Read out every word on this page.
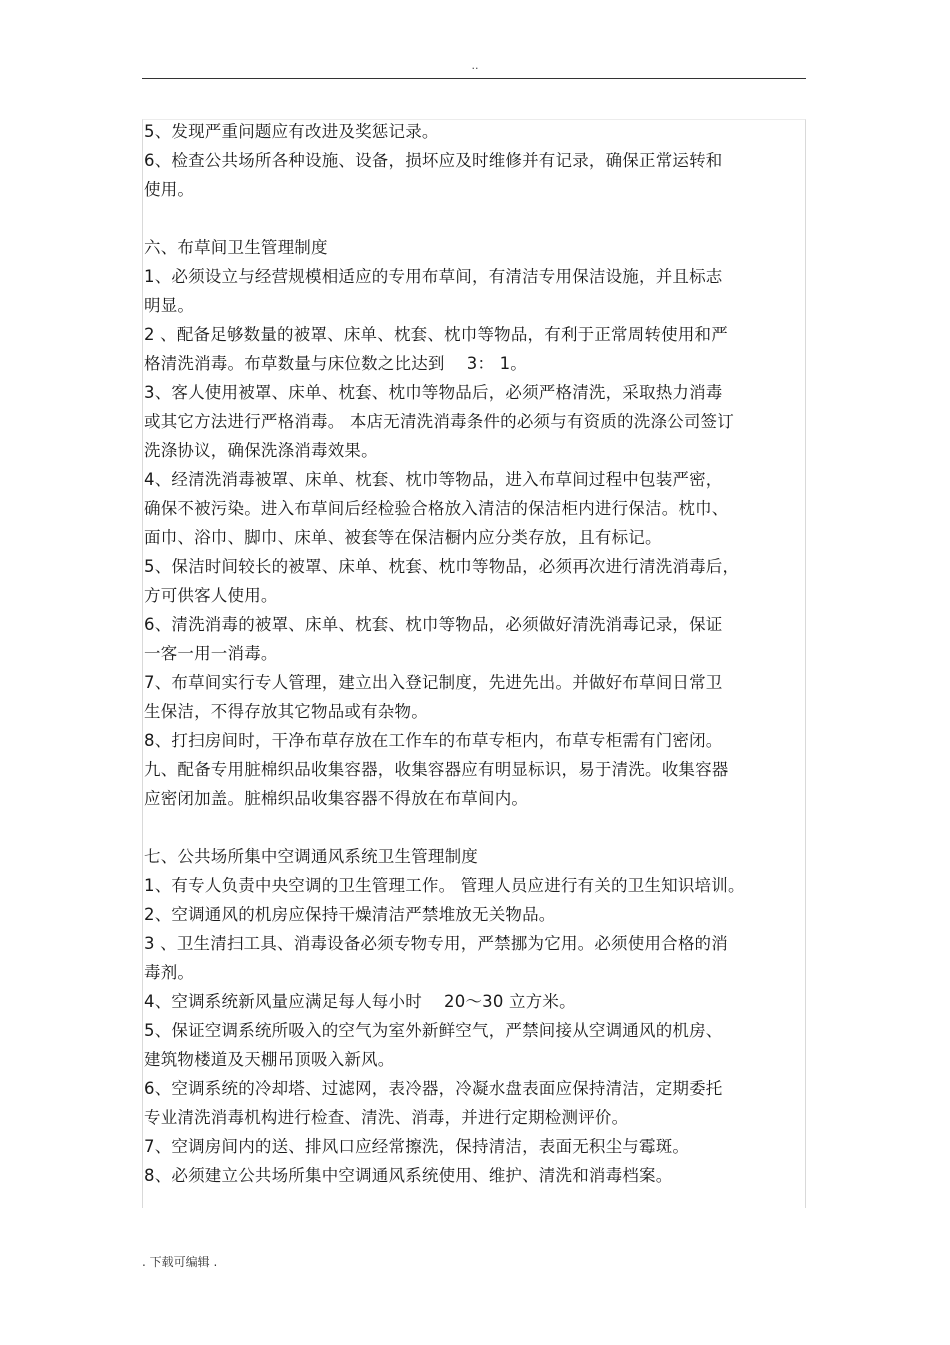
..
5、发现严重问题应有改进及奖惩记录。
6、检查公共场所各种设施、设备，损坏应及时维修并有记录，确保正常运转和
使用。
六、布草间卫生管理制度
1、必须设立与经营规模相适应的专用布草间，有清洁专用保洁设施，并且标志
明显。
2 、配备足够数量的被罩、床单、枕套、枕巾等物品，有利于正常周转使用和严
格清洗消毒。布草数量与床位数之比达到　 3： 1。
3、客人使用被罩、床单、枕套、枕巾等物品后，必须严格清洗，采取热力消毒
或其它方法进行严格消毒。 本店无清洗消毒条件的必须与有资质的洗涤公司签订
洗涤协议，确保洗涤消毒效果。
4、经清洗消毒被罩、床单、枕套、枕巾等物品，进入布草间过程中包装严密，
确保不被污染。进入布草间后经检验合格放入清洁的保洁柜内进行保洁。枕巾、
面巾、浴巾、脚巾、床单、被套等在保洁橱内应分类存放，且有标记。
5、保洁时间较长的被罩、床单、枕套、枕巾等物品，必须再次进行清洗消毒后，
方可供客人使用。
6、清洗消毒的被罩、床单、枕套、枕巾等物品，必须做好清洗消毒记录，保证
一客一用一消毒。
7、布草间实行专人管理，建立出入登记制度，先进先出。并做好布草间日常卫
生保洁，不得存放其它物品或有杂物。
8、打扫房间时，干净布草存放在工作车的布草专柜内，布草专柜需有门密闭。
九、配备专用脏棉织品收集容器，收集容器应有明显标识，易于清洗。收集容器
应密闭加盖。脏棉织品收集容器不得放在布草间内。
七、公共场所集中空调通风系统卫生管理制度
1、有专人负责中央空调的卫生管理工作。 管理人员应进行有关的卫生知识培训。
2、空调通风的机房应保持干燥清洁严禁堆放无关物品。
3 、卫生清扫工具、消毒设备必须专物专用，严禁挪为它用。必须使用合格的消
毒剂。
4、空调系统新风量应满足每人每小时　 20～30 立方米。
5、保证空调系统所吸入的空气为室外新鲜空气，严禁间接从空调通风的机房、
建筑物楼道及天棚吊顶吸入新风。
6、空调系统的冷却塔、过滤网，表冷器，冷凝水盘表面应保持清洁，定期委托
专业清洗消毒机构进行检查、清洗、消毒，并进行定期检测评价。
7、空调房间内的送、排风口应经常擦洗，保持清洁，表面无积尘与霉斑。
8、必须建立公共场所集中空调通风系统使用、维护、清洗和消毒档案。
. 下载可编辑 .
